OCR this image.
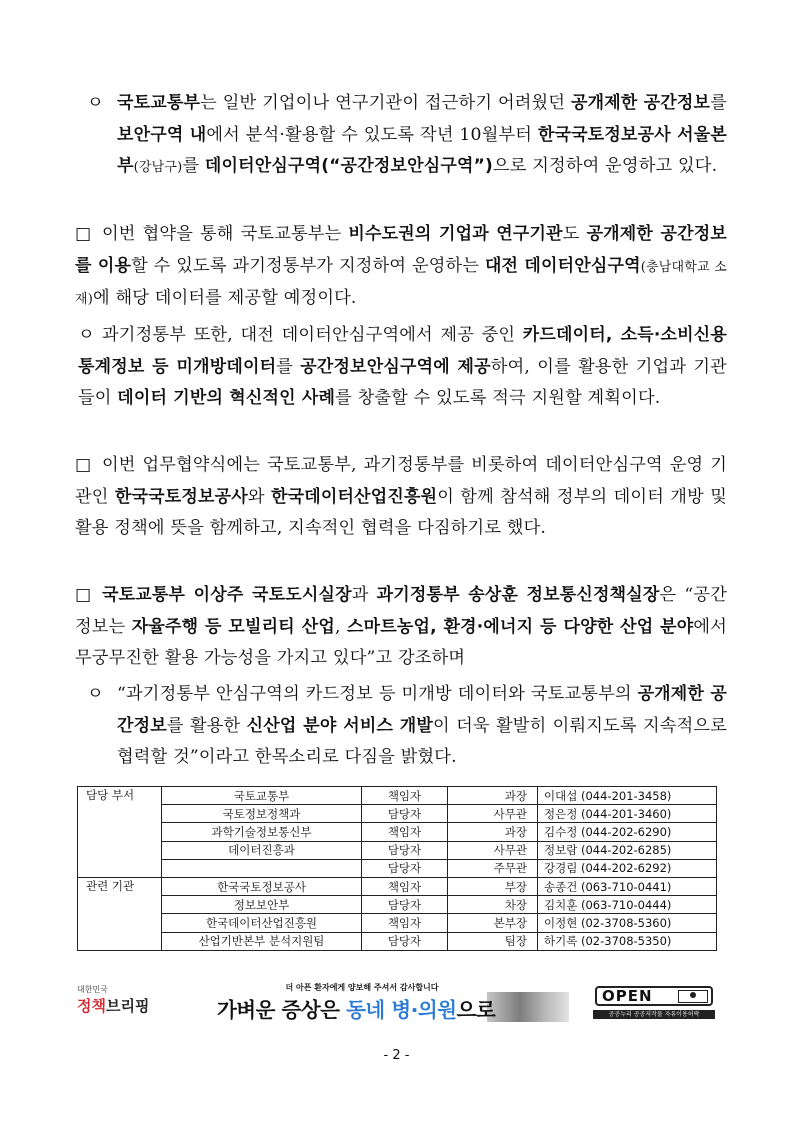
ㅇ 국토교통부는 일반 기업이나 연구기관이 접근하기 어려웠던 공개제한 공간정보를 보안구역 내에서 분석·활용할 수 있도록 작년 10월부터 한국국토정보공사 서울본부(강남구)를 데이터안심구역(“공간정보안심구역”)으로 지정하여 운영하고 있다.
□ 이번 협약을 통해 국토교통부는 비수도권의 기업과 연구기관도 공개제한 공간정보를 이용할 수 있도록 과기정통부가 지정하여 운영하는 대전 데이터안심구역(충남대학교 소재)에 해당 데이터를 제공할 예정이다.
ㅇ 과기정통부 또한, 대전 데이터안심구역에서 제공 중인 카드데이터, 소득·소비신용통계정보 등 미개방데이터를 공간정보안심구역에 제공하여, 이를 활용한 기업과 기관들이 데이터 기반의 혁신적인 사례를 창출할 수 있도록 적극 지원할 계획이다.
□ 이번 업무협약식에는 국토교통부, 과기정통부를 비롯하여 데이터안심구역 운영 기관인 한국국토정보공사와 한국데이터산업진흥원이 함께 참석해 정부의 데이터 개방 및 활용 정책에 뜻을 함께하고, 지속적인 협력을 다짐하기로 했다.
□ 국토교통부 이상주 국토도시실장과 과기정통부 송상훈 정보통신정책실장은 “공간정보는 자율주행 등 모빌리티 산업, 스마트농업, 환경·에너지 등 다양한 산업 분야에서 무궁무진한 활용 가능성을 가지고 있다”고 강조하며
ㅇ “과기정통부 안심구역의 카드정보 등 미개방 데이터와 국토교통부의 공개제한 공간정보를 활용한 신산업 분야 서비스 개발이 더욱 활발히 이뤄지도록 지속적으로 협력할 것”이라고 한목소리로 다짐을 밝혔다.
담당 부서	국토교통부	책임자	과장	이대섭 (044-201-3458)
	국토정보정책과	담당자	사무관	정은정 (044-201-3460)
	과학기술정보통신부	책임자	과장	김수정 (044-202-6290)
	데이터진흥과	담당자	사무관	정보람 (044-202-6285)
		담당자	주무관	강경림 (044-202-6292)
관련 기관	한국국토정보공사	책임자	부장	송종건 (063-710-0441)
	정보보안부	담당자	차장	김치훈 (063-710-0444)
	한국데이터산업진흥원	책임자	본부장	이정현 (02-3708-5360)
	산업기반본부 분석지원팀	담당자	팀장	하기록 (02-3708-5350)
대한민국
정책브리핑
더 아픈 환자에게 양보해 주셔서 감사합니다
가벼운 증상은 동네 병·의원으로
OPEN
공공누리 공공저작물 자유이용허락
- 2 -
